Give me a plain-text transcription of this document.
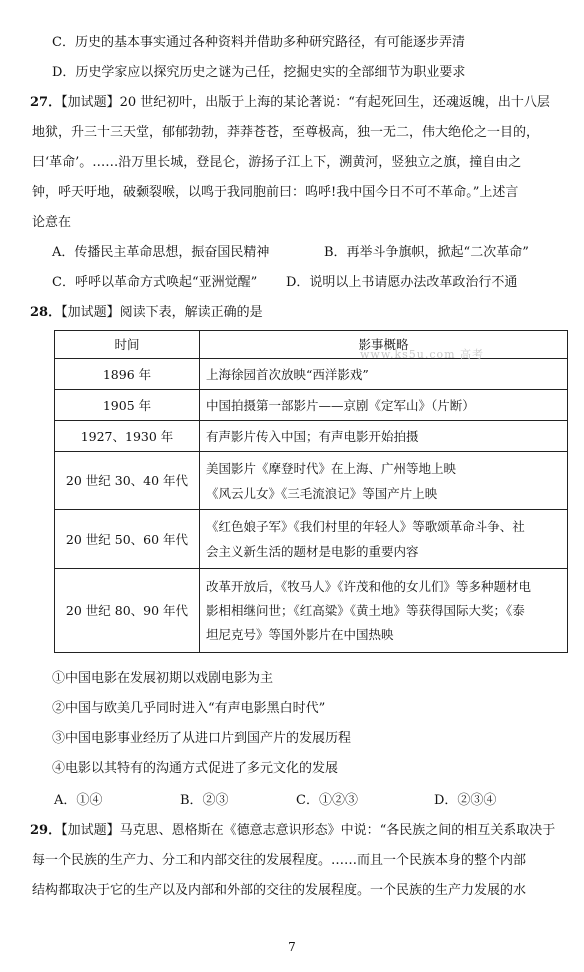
C．历史的基本事实通过各种资料并借助多种研究路径，有可能逐步弄清
D．历史学家应以探究历史之谜为己任，挖掘史实的全部细节为职业要求
27．【加试题】20 世纪初叶，出版于上海的某论著说：“有起死回生，还魂返魄，出十八层
地狱，升三十三天堂，郁郁勃勃，莽莽苍苍，至尊极高，独一无二，伟大绝伦之一目的，
曰‘革命’。……沿万里长城，登昆仑，游扬子江上下，溯黄河，竖独立之旗，撞自由之
钟，呼天吁地，破颡裂喉，以鸣于我同胞前曰：呜呼!我中国今日不可不革命。”上述言
论意在
A．传播民主革命思想，振奋国民精神	B．再举斗争旗帜，掀起“二次革命”
C．呼呼以革命方式唤起“亚洲觉醒” D．说明以上书请愿办法改革政治行不通
28．【加试题】阅读下表，解读正确的是
时间	影事概略
1896 年	上海徐园首次放映“西洋影戏”
1905 年	中国拍摄第一部影片——京剧《定军山》（片断）
1927、1930 年	有声影片传入中国；有声电影开始拍摄
20 世纪 30、40 年代	美国影片《摩登时代》在上海、广州等地上映
《风云儿女》《三毛流浪记》等国产片上映

20 世纪 50、60 年代	《红色娘子军》《我们村里的年轻人》等歌颂革命斗争、社
会主义新生活的题材是电影的重要内容

20 世纪 80、90 年代	改革开放后，《牧马人》《许茂和他的女儿们》等多种题材电
影相相继问世；《红高粱》《黄土地》等获得国际大奖；《泰
坦尼克号》等国外影片在中国热映
www.ks5u.com 高考
①中国电影在发展初期以戏剧电影为主
②中国与欧美几乎同时进入“有声电影黑白时代”
③中国电影事业经历了从进口片到国产片的发展历程
④电影以其特有的沟通方式促进了多元文化的发展
A．①④	B．②③	C．①②③	D．②③④
29．【加试题】马克思、恩格斯在《德意志意识形态》中说：“各民族之间的相互关系取决于
每一个民族的生产力、分工和内部交往的发展程度。……而且一个民族本身的整个内部
结构都取决于它的生产以及内部和外部的交往的发展程度。一个民族的生产力发展的水
7
